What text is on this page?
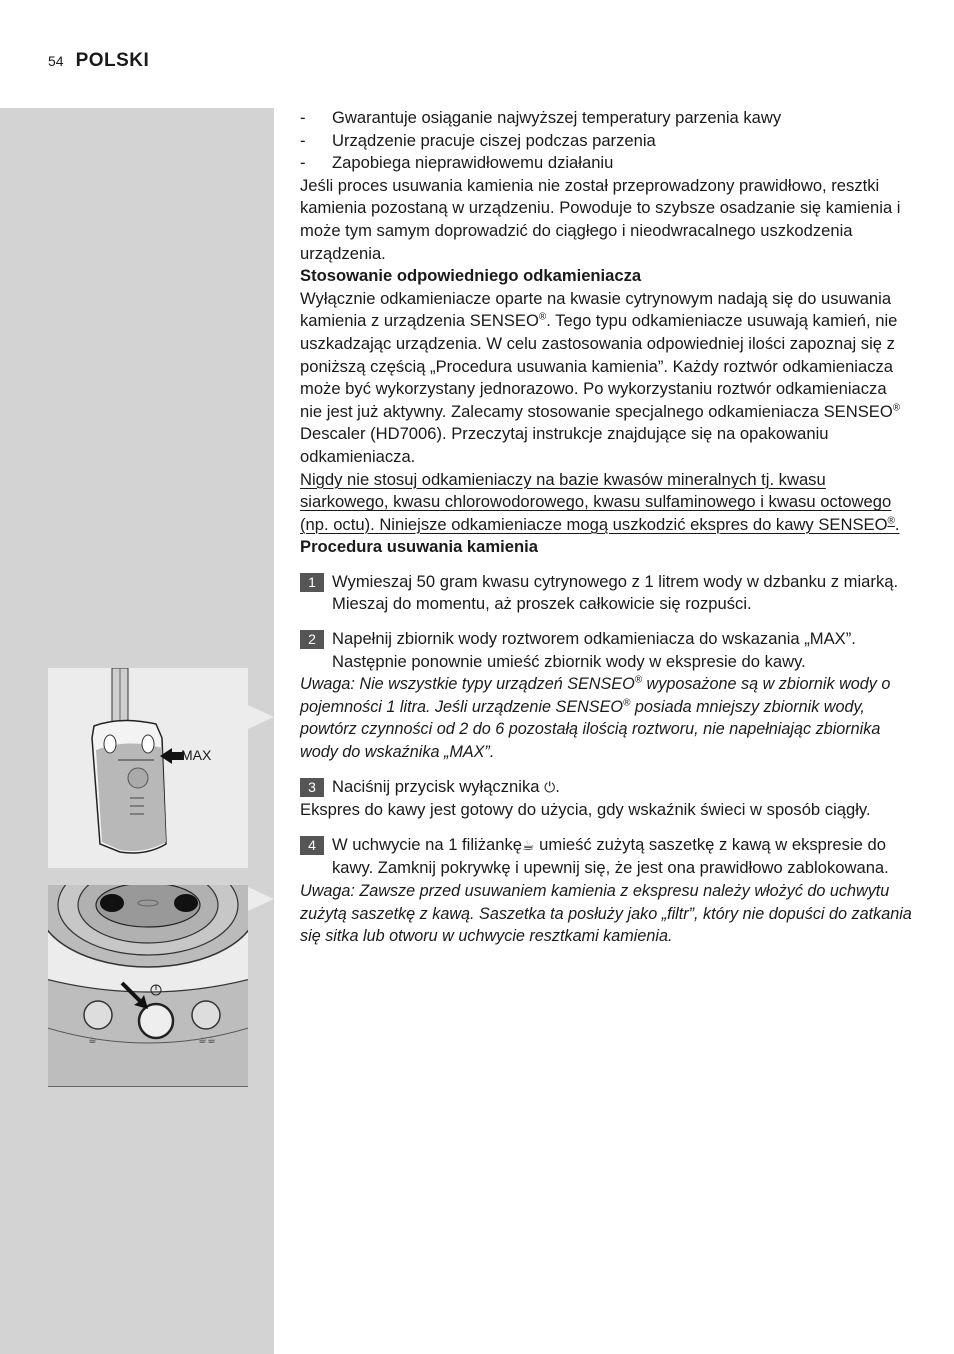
54 POLSKI
MAX
☕	☕☕
- Gwarantuje osiąganie najwyższej temperatury parzenia kawy
- Urządzenie pracuje ciszej podczas parzenia
- Zapobiega nieprawidłowemu działaniu

Jeśli proces usuwania kamienia nie został przeprowadzony prawidłowo, resztki kamienia pozostaną w urządzeniu. Powoduje to szybsze osadzanie się kamienia i może tym samym doprowadzić do ciągłego i nieodwracalnego uszkodzenia urządzenia.

Stosowanie odpowiedniego odkamieniacza

Wyłącznie odkamieniacze oparte na kwasie cytrynowym nadają się do usuwania kamienia z urządzenia SENSEO®. Tego typu odkamieniacze usuwają kamień, nie uszkadzając urządzenia. W celu zastosowania odpowiedniej ilości zapoznaj się z poniższą częścią „Procedura usuwania kamienia”. Każdy roztwór odkamieniacza może być wykorzystany jednorazowo. Po wykorzystaniu roztwór odkamieniacza nie jest już aktywny. Zalecamy stosowanie specjalnego odkamieniacza SENSEO® Descaler (HD7006). Przeczytaj instrukcje znajdujące się na opakowaniu odkamieniacza.

Nigdy nie stosuj odkamieniaczy na bazie kwasów mineralnych tj. kwasu siarkowego, kwasu chlorowodorowego, kwasu sulfaminowego i kwasu octowego (np. octu). Niniejsze odkamieniacze mogą uszkodzić ekspres do kawy SENSEO®.

Procedura usuwania kamienia

1 Wymieszaj 50 gram kwasu cytrynowego z 1 litrem wody w dzbanku z miarką. Mieszaj do momentu, aż proszek całkowicie się rozpuści.
2 Napełnij zbiornik wody roztworem odkamieniacza do wskazania „MAX”. Następnie ponownie umieść zbiornik wody w ekspresie do kawy.

Uwaga: Nie wszystkie typy urządzeń SENSEO® wyposażone są w zbiornik wody o pojemności 1 litra. Jeśli urządzenie SENSEO® posiada mniejszy zbiornik wody, powtórz czynności od 2 do 6 pozostałą ilością roztworu, nie napełniając zbiornika wody do wskaźnika „MAX”.

3 Naciśnij przycisk wyłącznika ⏻.

Ekspres do kawy jest gotowy do użycia, gdy wskaźnik świeci w sposób ciągły.

4 W uchwycie na 1 filiżankę☕ umieść zużytą saszetkę z kawą w ekspresie do kawy. Zamknij pokrywkę i upewnij się, że jest ona prawidłowo zablokowana.

Uwaga: Zawsze przed usuwaniem kamienia z ekspresu należy włożyć do uchwytu zużytą saszetkę z kawą. Saszetka ta posłuży jako „filtr”, który nie dopuści do zatkania się sitka lub otworu w uchwycie resztkami kamienia.
